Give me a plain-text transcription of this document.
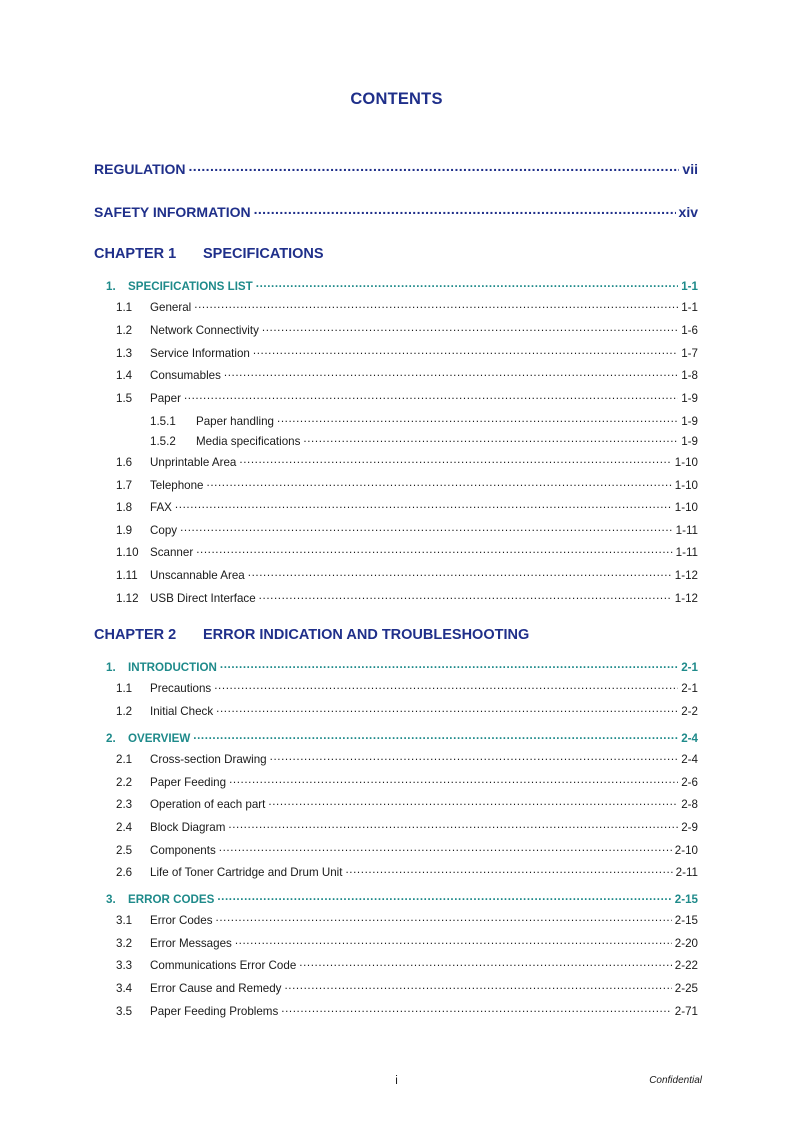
CONTENTS
REGULATION .....	vii
SAFETY INFORMATION .....	xiv
CHAPTER 1 SPECIFICATIONS
1.	SPECIFICATIONS LIST .....	1-1
1.1	General .....	1-1
1.2	Network Connectivity .....	1-6
1.3	Service Information .....	1-7
1.4	Consumables .....	1-8
1.5	Paper .....	1-9
1.5.1	Paper handling .....	1-9
1.5.2	Media specifications .....	1-9
1.6	Unprintable Area .....	1-10
1.7	Telephone .....	1-10
1.8	FAX .....	1-10
1.9	Copy .....	1-11
1.10 Scanner .....	1-11
1.11	Unscannable Area .....	1-12
1.12 USB Direct Interface .....	1-12
CHAPTER 2 ERROR INDICATION AND TROUBLESHOOTING
1.	INTRODUCTION .....	2-1
1.1	Precautions .....	2-1
1.2	Initial Check .....	2-2
2.	OVERVIEW .....	2-4
2.1	Cross-section Drawing .....	2-4
2.2	Paper Feeding .....	2-6
2.3	Operation of each part .....	2-8
2.4	Block Diagram .....	2-9
2.5	Components .....	2-10
2.6	Life of Toner Cartridge and Drum Unit .....	2-11
3.	ERROR CODES .....	2-15
3.1	Error Codes .....	2-15
3.2	Error Messages .....	2-20
3.3	Communications Error Code .....	2-22
3.4	Error Cause and Remedy .....	2-25
3.5	Paper Feeding Problems .....	2-71
i	Confidential
